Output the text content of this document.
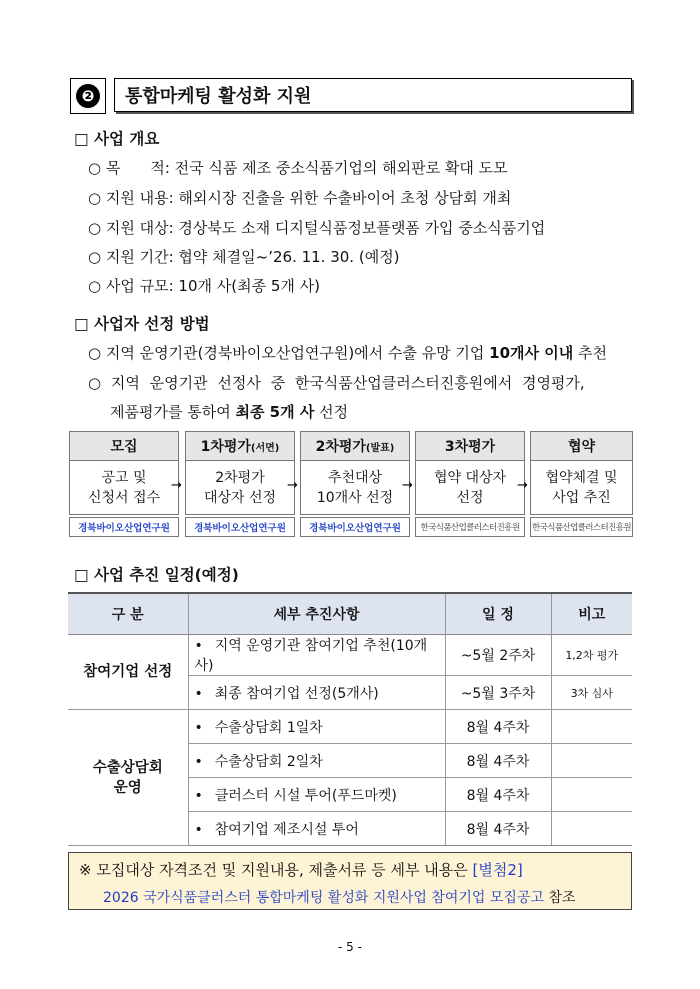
❷	통합마케팅 활성화 지원
□ 사업 개요
○ 목　　적: 전국 식품 제조 중소식품기업의 해외판로 확대 도모
○ 지원 내용: 해외시장 진출을 위한 수출바이어 초청 상담회 개최
○ 지원 대상: 경상북도 소재 디지털식품정보플랫폼 가입 중소식품기업
○ 지원 기간: 협약 체결일~’26. 11. 30. (예정)
○ 사업 규모: 10개 사(최종 5개 사)
□ 사업자 선정 방법
○ 지역 운영기관(경북바이오산업연구원)에서 수출 유망 기업 10개사 이내 추천
○ 지역 운영기관 선정사 중 한국식품산업클러스터진흥원에서 경영평가,
제품평가를 통하여 최종 5개 사 선정
모집
공고 및
신청서 접수
경북바이오산업연구원
→
1차평가 (서면)
2차평가
대상자 선정
경북바이오산업연구원
→
2차평가 (발표)
추천대상
10개사 선정
경북바이오산업연구원
→
3차평가
협약 대상자
선정
한국식품산업클러스터진흥원
→
협약
협약체결 및
사업 추진
한국식품산업클러스터진흥원
□ 사업 추진 일정(예정)
구 분	세부 추진사항	일 정	비고
참여기업 선정	• 지역 운영기관 참여기업 추천(10개사)	~5월 2주차	1,2차 평가
	• 최종 참여기업 선정(5개사)	~5월 3주차	3차 심사

수출상담회
운영	• 수출상담회 1일차	8월 4주차	
	• 수출상담회 2일차	8월 4주차	
	• 클러스터 시설 투어(푸드마켓)	8월 4주차	
	• 참여기업 제조시설 투어	8월 4주차	
※ 모집대상 자격조건 및 지원내용, 제출서류 등 세부 내용은 [별첨2]
2026 국가식품클러스터 통합마케팅 활성화 지원사업 참여기업 모집공고 참조
- 5 -
